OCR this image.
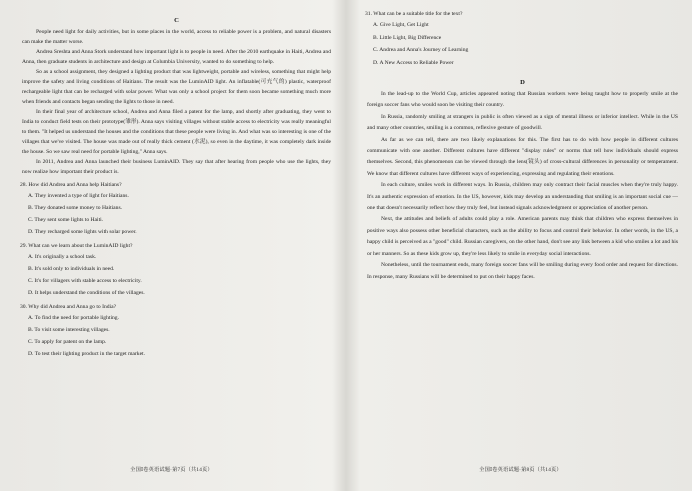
C

People need light for daily activities, but in some places in the world, access to reliable power is a problem, and natural disasters can make the matter worse.

Andrea Sreshta and Anna Stork understand how important light is to people in need. After the 2010 earthquake in Haiti, Andrea and Anna, then graduate students in architecture and design at Columbia University, wanted to do something to help.

So as a school assignment, they designed a lighting product that was lightweight, portable and wireless, something that might help improve the safety and living conditions of Haitians. The result was the LuminAID light. An inflatable(可充气的) plastic, waterproof rechargeable light that can be recharged with solar power. What was only a school project for them soon became something much more when friends and contacts began sending the lights to those in need.

In their final year of architecture school, Andrea and Anna filed a patent for the lamp, and shortly after graduating, they went to India to conduct field tests on their prototype(雏形). Anna says visiting villages without stable access to electricity was really meaningful to them. "It helped us understand the houses and the conditions that these people were living in. And what was so interesting is one of the villages that we've visited. The house was made out of really thick cement (水泥), so even in the daytime, it was completely dark inside the house. So we saw real need for portable lighting," Anna says.

In 2011, Andrea and Anna launched their business LuminAID. They say that after hearing from people who use the lights, they now realize how important their product is.

28. How did Andrea and Anna help Haitians?
A. They invented a type of light for Haitians.
B. They donated some money to Haitians.
C. They sent some lights to Haiti.
D. They recharged some lights with solar power.
29. What can we learn about the LuminAID light?
A. It's originally a school task.
B. It's sold only to individuals in need.
C. It's for villagers with stable access to electricity.
D. It helps understand the conditions of the villages.
30. Why did Andrea and Anna go to India?
A. To find the need for portable lighting.
B. To visit some interesting villages.
C. To apply for patent on the lamp.
D. To test their lighting product in the target market.
全国Ⅰ卷英语试题·第7页（共14页）
31. What can be a suitable title for the text?
A. Give Light, Get Light
B. Little Light, Big Difference
C. Andrea and Anna's Journey of Learning
D. A New Access to Reliable Power
D

In the lead-up to the World Cup, articles appeared noting that Russian workers were being taught how to properly smile at the foreign soccer fans who would soon be visiting their country.

In Russia, randomly smiling at strangers in public is often viewed as a sign of mental illness or inferior intellect. While in the US and many other countries, smiling is a common, reflexive gesture of goodwill.

As far as we can tell, there are two likely explanations for this. The first has to do with how people in different cultures communicate with one another. Different cultures have different "display rules" or norms that tell how individuals should express themselves. Second, this phenomenon can be viewed through the lens(镜头) of cross-cultural differences in personality or temperament. We know that different cultures have different ways of experiencing, expressing and regulating their emotions.

In each culture, smiles work in different ways. In Russia, children may only contract their facial muscles when they're truly happy. It's an authentic expression of emotion. In the US, however, kids may develop an understanding that smiling is an important social cue — one that doesn't necessarily reflect how they truly feel, but instead signals acknowledgment or appreciation of another person.

Next, the attitudes and beliefs of adults could play a role. American parents may think that children who express themselves in positive ways also possess other beneficial characters, such as the ability to focus and control their behavior. In other words, in the US, a happy child is perceived as a "good" child. Russian caregivers, on the other hand, don't see any link between a kid who smiles a lot and his or her manners. So as these kids grow up, they're less likely to smile in everyday social interactions.

Nonetheless, until the tournament ends, many foreign soccer fans will be smiling during every food order and request for directions. In response, many Russians will be determined to put on their happy faces.

全国Ⅰ卷英语试题·第8页（共14页）
